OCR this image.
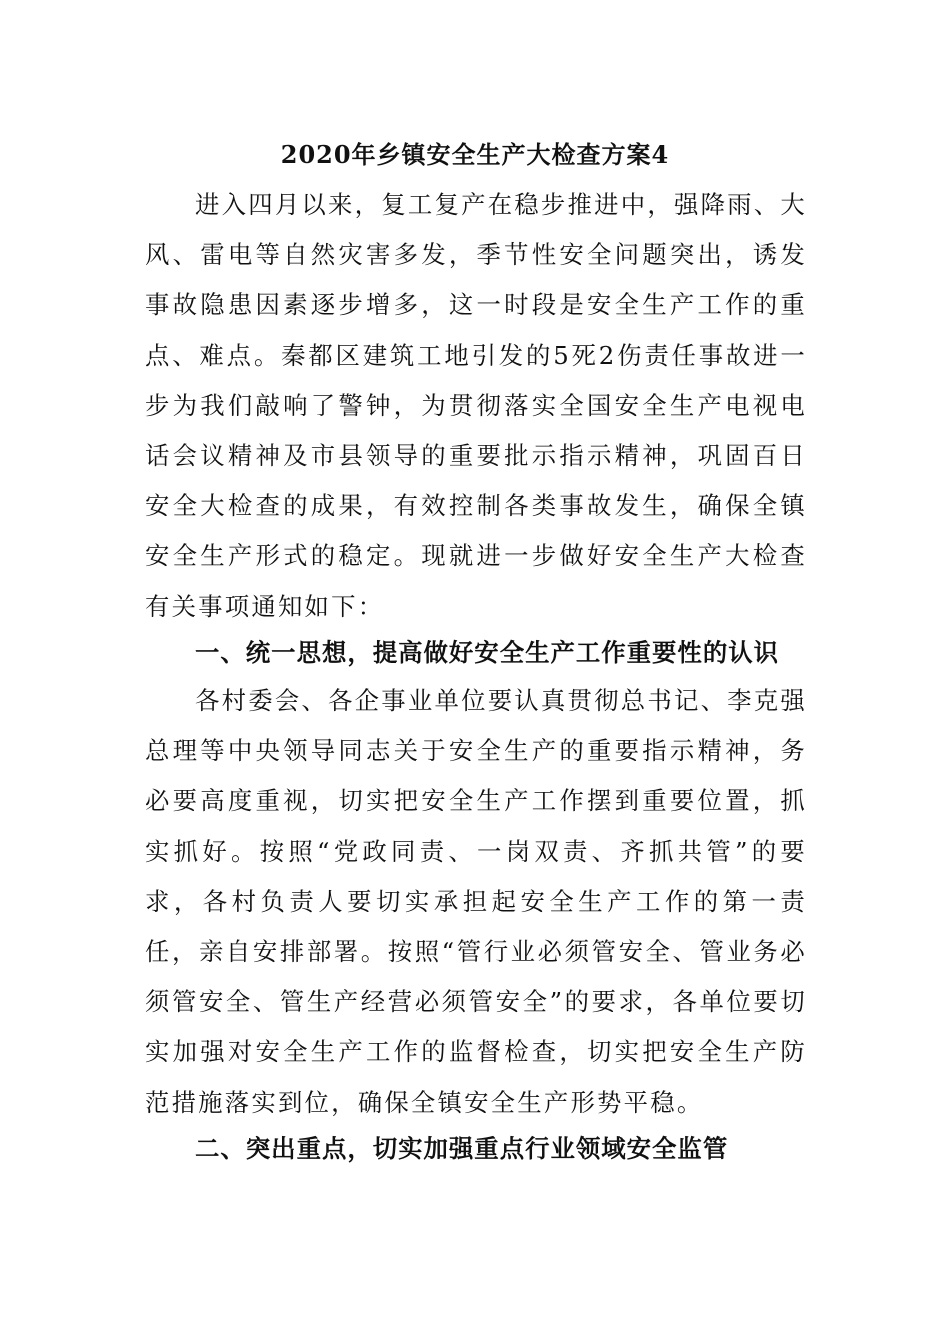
2020年乡镇安全生产大检查方案4

进入四月以来，复工复产在稳步推进中，强降雨、大风、雷电等自然灾害多发，季节性安全问题突出，诱发事故隐患因素逐步增多，这一时段是安全生产工作的重点、难点。秦都区建筑工地引发的5死2伤责任事故进一步为我们敲响了警钟，为贯彻落实全国安全生产电视电话会议精神及市县领导的重要批示指示精神，巩固百日安全大检查的成果，有效控制各类事故发生，确保全镇安全生产形式的稳定。现就进一步做好安全生产大检查有关事项通知如下：

一、统一思想，提高做好安全生产工作重要性的认识

各村委会、各企事业单位要认真贯彻总书记、李克强总理等中央领导同志关于安全生产的重要指示精神，务必要高度重视，切实把安全生产工作摆到重要位置，抓实抓好。按照“党政同责、一岗双责、齐抓共管”的要求，各村负责人要切实承担起安全生产工作的第一责任，亲自安排部署。按照“管行业必须管安全、管业务必须管安全、管生产经营必须管安全”的要求，各单位要切实加强对安全生产工作的监督检查，切实把安全生产防范措施落实到位，确保全镇安全生产形势平稳。

二、突出重点，切实加强重点行业领域安全监管
